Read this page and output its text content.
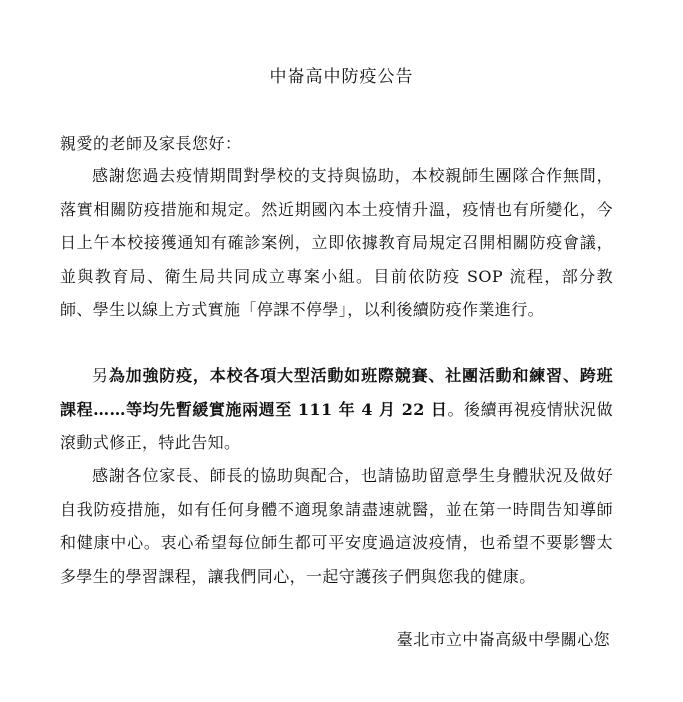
中崙高中防疫公告
親愛的老師及家長您好：
感謝您過去疫情期間對學校的支持與協助，本校親師生團隊合作無間，落實相關防疫措施和規定。然近期國內本土疫情升溫，疫情也有所變化，今日上午本校接獲通知有確診案例，立即依據教育局規定召開相關防疫會議，並與教育局、衛生局共同成立專案小組。目前依防疫 SOP 流程，部分教師、學生以線上方式實施「停課不停學」，以利後續防疫作業進行。
另為加強防疫，本校各項大型活動如班際競賽、社團活動和練習、跨班課程……等均先暫緩實施兩週至 111 年 4 月 22 日。後續再視疫情狀況做滾動式修正，特此告知。
感謝各位家長、師長的協助與配合，也請協助留意學生身體狀況及做好自我防疫措施，如有任何身體不適現象請盡速就醫，並在第一時間告知導師和健康中心。衷心希望每位師生都可平安度過這波疫情，也希望不要影響太多學生的學習課程，讓我們同心，一起守護孩子們與您我的健康。
臺北市立中崙高級中學關心您
